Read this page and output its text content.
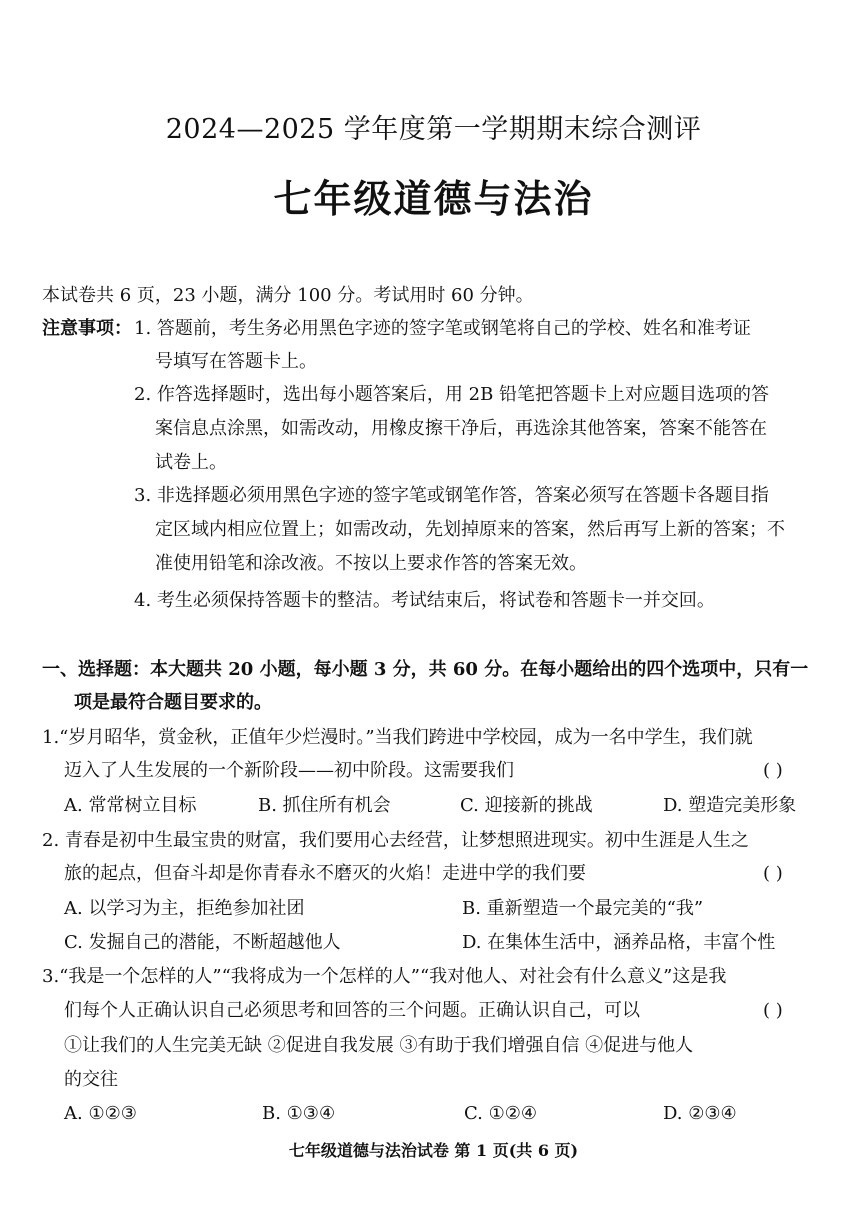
2024—2025 学年度第一学期期末综合测评
七年级道德与法治
本试卷共 6 页，23 小题，满分 100 分。考试用时 60 分钟。
注意事项： 1. 答题前，考生务必用黑色字迹的签字笔或钢笔将自己的学校、姓名和准考证
号填写在答题卡上。
2. 作答选择题时，选出每小题答案后，用 2B 铅笔把答题卡上对应题目选项的答
案信息点涂黑，如需改动，用橡皮擦干净后，再选涂其他答案，答案不能答在
试卷上。
3. 非选择题必须用黑色字迹的签字笔或钢笔作答，答案必须写在答题卡各题目指
定区域内相应位置上；如需改动，先划掉原来的答案，然后再写上新的答案；不
准使用铅笔和涂改液。不按以上要求作答的答案无效。
4. 考生必须保持答题卡的整洁。考试结束后，将试卷和答题卡一并交回。
一、选择题：本大题共 20 小题，每小题 3 分，共 60 分。在每小题给出的四个选项中，只有一
项是最符合题目要求的。
1.“岁月昭华，赏金秋，正值年少烂漫时。”当我们跨进中学校园，成为一名中学生，我们就
迈入了人生发展的一个新阶段——初中阶段。这需要我们	( )
A. 常常树立目标	B. 抓住所有机会	C. 迎接新的挑战	D. 塑造完美形象
2. 青春是初中生最宝贵的财富，我们要用心去经营，让梦想照进现实。初中生涯是人生之
旅的起点，但奋斗却是你青春永不磨灭的火焰！走进中学的我们要	( )
A. 以学习为主，拒绝参加社团	B. 重新塑造一个最完美的“我”
C. 发掘自己的潜能，不断超越他人	D. 在集体生活中，涵养品格，丰富个性
3.“我是一个怎样的人”“我将成为一个怎样的人”“我对他人、对社会有什么意义”这是我
们每个人正确认识自己必须思考和回答的三个问题。正确认识自己，可以	( )
①让我们的人生完美无缺 ②促进自我发展 ③有助于我们增强自信 ④促进与他人
的交往
A. ①②③	B. ①③④	C. ①②④	D. ②③④
七年级道德与法治试卷 第 1 页(共 6 页)
